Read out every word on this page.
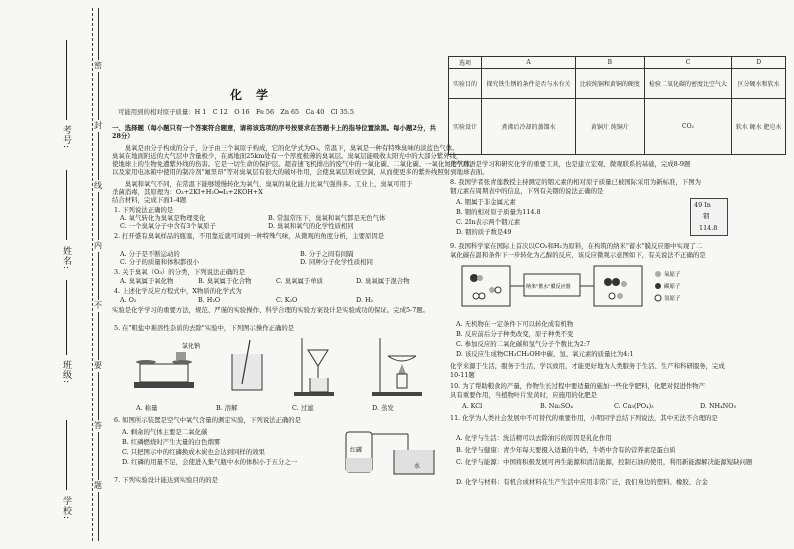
学校:
班级:
姓名:
考号:
密
封
线
内
不
要
答
题
化学
可能用到的相对原子质量：H 1　C 12　O 16　Fe 56　Zn 65　Ca 40　Cl 35.5
一、选择题（每小题只有一个答案符合题意，请将该选项的序号按要求在答题卡上的指导位置涂黑。每小题2分，共28分）
　　臭氧是由分子构成的分子，分子由三个氧原子构成，它的化学式为O₃。常温下，臭氧是一种有特殊臭味的淡蓝色气体。
臭氧在地面附近的大气层中含量极少，在离地面25km处有一个厚度极薄的臭氧层。臭氧层能吸收太阳光中的大部分紫外线，
使地球上的生物免遭紫外线的伤害。它是一切生命的保护层。超音速飞机排出的废气中的一氧化碳、二氧化碳、一氧化氮等气体，
以及家用电冰箱中使用的制冷剂"氟里昂"等对臭氧层有很大的破坏作用，会使臭氧层形成空洞，从而使更多的紫外线照射到地球表面。
　　臭氧和氧气不同，在常温下能够缓慢转化为氧气，臭氧的氧化能力比氧气强得多。工业上，臭氧可用于
杀菌消毒，其原理为：O₃+2KI+H₂O═I₂+2KOH+X
结合材料，完成下面1-4题
1. 下列说法正确的是
A. 氧气转化为臭氧是物理变化	B. 常温常压下，臭氧和氧气都是无色气体
C. 一个臭氧分子中含有3个氧原子	D. 臭氧和氧气的化学性质相同
2. 打开盛有臭氧样品的瓶塞，不用靠近就可闻到一种特殊气味，从微观的角度分析，主要原因是
A. 分子是不断运动的	B. 分子之间有间隔
C. 分子的质量和体积都很小	D. 同种分子化学性质相同
3. 关于臭氧（O₃）的分类，下列说法正确的是
A. 臭氧属于氧化物	B. 臭氧属于化合物	C. 臭氧属于单质	D. 臭氧属于混合物
4. 上述化学反应方程式中，X物质的化学式为
A. O₂	B. H₂O	C. K₂O	D. H₂
实验是化学学习的重要方法，规范、严谨的实验操作、科学合理的实验方案设计是实验成功的保证。完成5-7题。
5. 在"粗盐中难溶性杂质的去除"实验中，下列图示操作正确的是
氯化钠
A. 称量	B. 溶解	C. 过滤	D. 蒸发
6. 如图所示装置是空气中氧气含量的测定实验，下列说法正确的是
A. 剩余的气体主要是二氧化碳
B. 红磷燃烧时产生大量的白色烟雾
C. 只把图示中的红磷换成木炭也会达到同样的效果
D. 红磷的用量不足，会使进入集气瓶中水的体积小于五分之一
红磷
水
7. 下列实验设计能达到实验目的的是
选项	A	B	C	D
实验目的	探究铁生锈的条件是否与水有关	比较纯铜和黄铜的硬度	检验二氧化碳的密度比空气大	区分硬水和软水
实验设计	煮沸后冷却的蒸馏水	黄铜片 纯铜片	CO₂	软水 硬水 肥皂水
化学用语是学习和研究化学的重要工具，也是建立宏观、微观联系的基础，完成8-9题
8. 我国学者张青莲教授主持测定的铟元素的相对原子质量已被国际采用为新标准，下图为
铟元素在周期表中的信息，下列有关铟的说法正确的是
A. 铟属于非金属元素
B. 铟的相对原子质量为114.8
C. 2In表示两个铟元素
D. 铟的质子数是49
49 In
铟
114.8
9. 我国科学家在国际上首次以CO₂和H₂为原料，在构筑的纳米"蓄水"膜反应器中实现了二
氧化碳在温和条件下一步转化为乙醇的反应，该反应微观示意图如下，有关说法不正确的是
纳米"蓄水"膜反应器
氧原子
碳原子
氢原子
A. 无机物在一定条件下可以转化成有机物
B. 反应前后分子种类改变，原子种类不变
C. 参加反应的二氧化碳和氢气分子个数比为2:7
D. 该反应生成物CH₃CH₂OH中碳、氢、氧元素的质量比为4:1
化学来源于生活，服务于生活，学以致用，才能更好地为人类服务于生活、生产和科研服务，完成
10-11题
10. 为了帮助粮食的产量，作物生长过程中要适量的施加一些化学肥料，化肥对促进作物产
具有重要作用，当植物叶片发黄时，应施用的化肥是
A. KCl	B. Na₂SO₄	C. Ca₃(PO₄)₂	D. NH₄NO₃
11. 化学为人类社会发展中不可替代的重要作用，小明同学总结下列说法，其中无法不合理的是
A. 化学与生活：洗洁精可以去除油污的原因是乳化作用
B. 化学与健康：青少年每天要摄入适量的牛奶，牛奶中含有的营养素是蛋白质
C. 化学与能源：中国将积极发展可再生能源和清洁能源，控制石油的使用，利用新能源解决能源短缺问题
D. 化学与材料：有机合成材料在生产生活中应用非常广泛，我们身边的塑料、橡胶、合金
